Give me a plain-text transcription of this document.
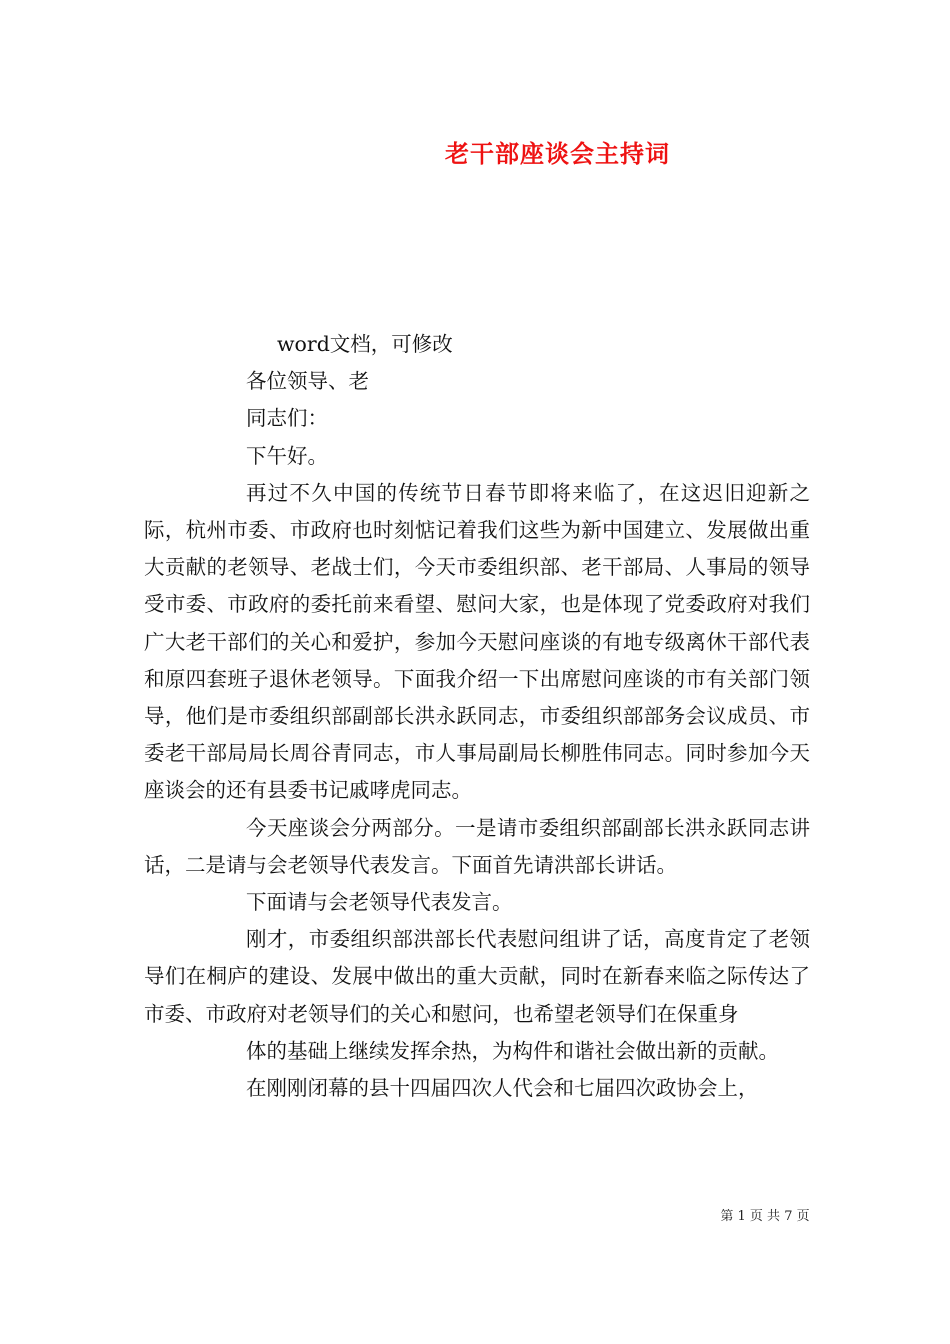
老干部座谈会主持词

word文档，可修改

各位领导、老

同志们：

下午好。

再过不久中国的传统节日春节即将来临了，在这迟旧迎新之际，杭州市委、市政府也时刻惦记着我们这些为新中国建立、发展做出重大贡献的老领导、老战士们，今天市委组织部、老干部局、人事局的领导受市委、市政府的委托前来看望、慰问大家，也是体现了党委政府对我们广大老干部们的关心和爱护，参加今天慰问座谈的有地专级离休干部代表和原四套班子退休老领导。下面我介绍一下出席慰问座谈的市有关部门领导，他们是市委组织部副部长洪永跃同志，市委组织部部务会议成员、市委老干部局局长周谷青同志，市人事局副局长柳胜伟同志。同时参加今天座谈会的还有县委书记戚哮虎同志。

今天座谈会分两部分。一是请市委组织部副部长洪永跃同志讲话，二是请与会老领导代表发言。下面首先请洪部长讲话。

下面请与会老领导代表发言。

刚才，市委组织部洪部长代表慰问组讲了话，高度肯定了老领导们在桐庐的建设、发展中做出的重大贡献，同时在新春来临之际传达了市委、市政府对老领导们的关心和慰问，也希望老领导们在保重身

体的基础上继续发挥余热，为构件和谐社会做出新的贡献。

在刚刚闭幕的县十四届四次人代会和七届四次政协会上，

第 1 页 共 7 页
